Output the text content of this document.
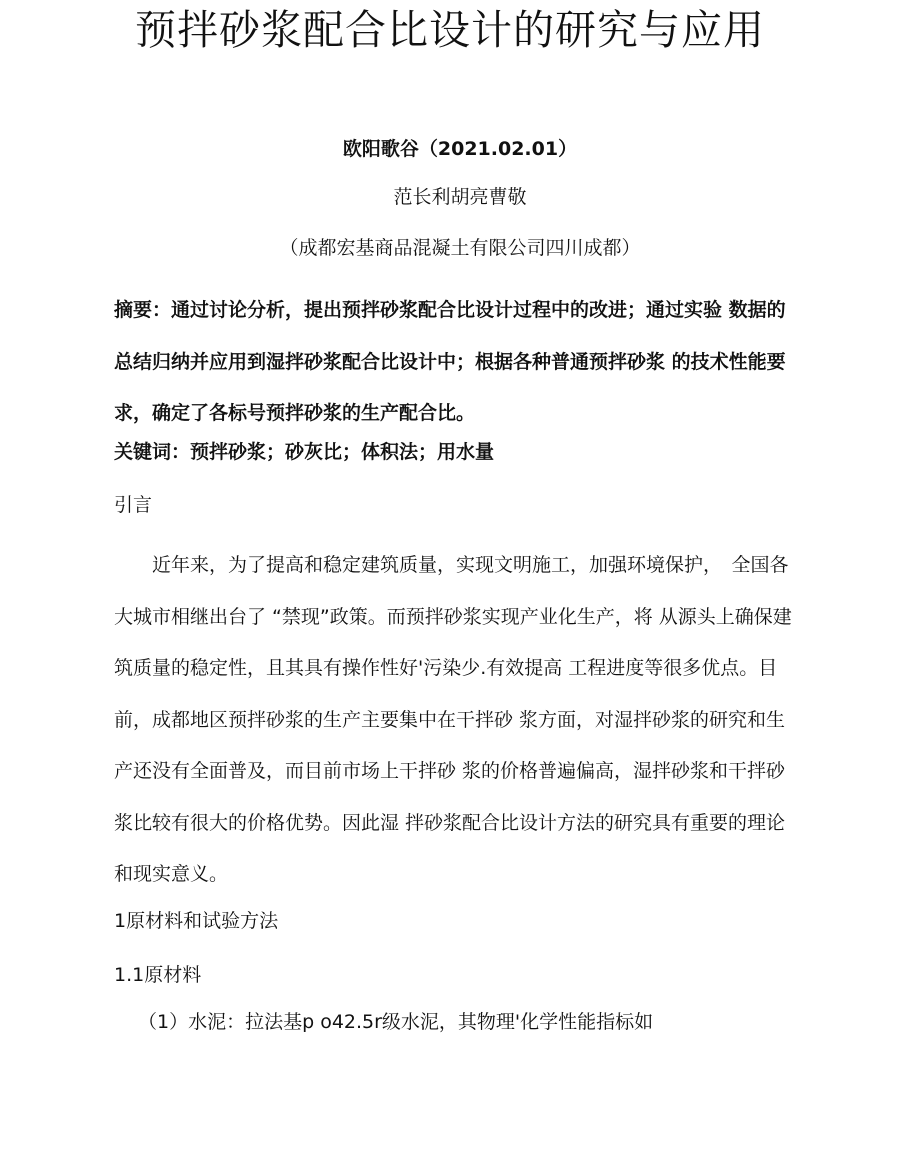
预拌砂浆配合比设计的研究与应用

欧阳歌谷（2021.02.01）

范长利胡亮曹敬

（成都宏基商品混凝土有限公司四川成都）

摘要：通过讨论分析，提出预拌砂浆配合比设计过程中的改进；通过实验 数据的总结归纳并应用到湿拌砂浆配合比设计中；根据各种普通预拌砂浆 的技术性能要求，确定了各标号预拌砂浆的生产配合比。

关键词：预拌砂浆；砂灰比；体积法；用水量

引言

近年来，为了提高和稳定建筑质量，实现文明施工，加强环境保护，　全国各大城市相继出台了 “禁现”政策。而预拌砂浆实现产业化生产，将 从源头上确保建筑质量的稳定性，且其具有操作性好'污染少.有效提高 工程进度等很多优点。目前，成都地区预拌砂浆的生产主要集中在干拌砂 浆方面，对湿拌砂浆的研究和生产还没有全面普及，而目前市场上干拌砂 浆的价格普遍偏高，湿拌砂浆和干拌砂浆比较有很大的价格优势。因此湿 拌砂浆配合比设计方法的研究具有重要的理论和现实意义。

1原材料和试验方法

1.1原材料

（1）水泥：拉法基p o42.5r级水泥，其物理'化学性能指标如
